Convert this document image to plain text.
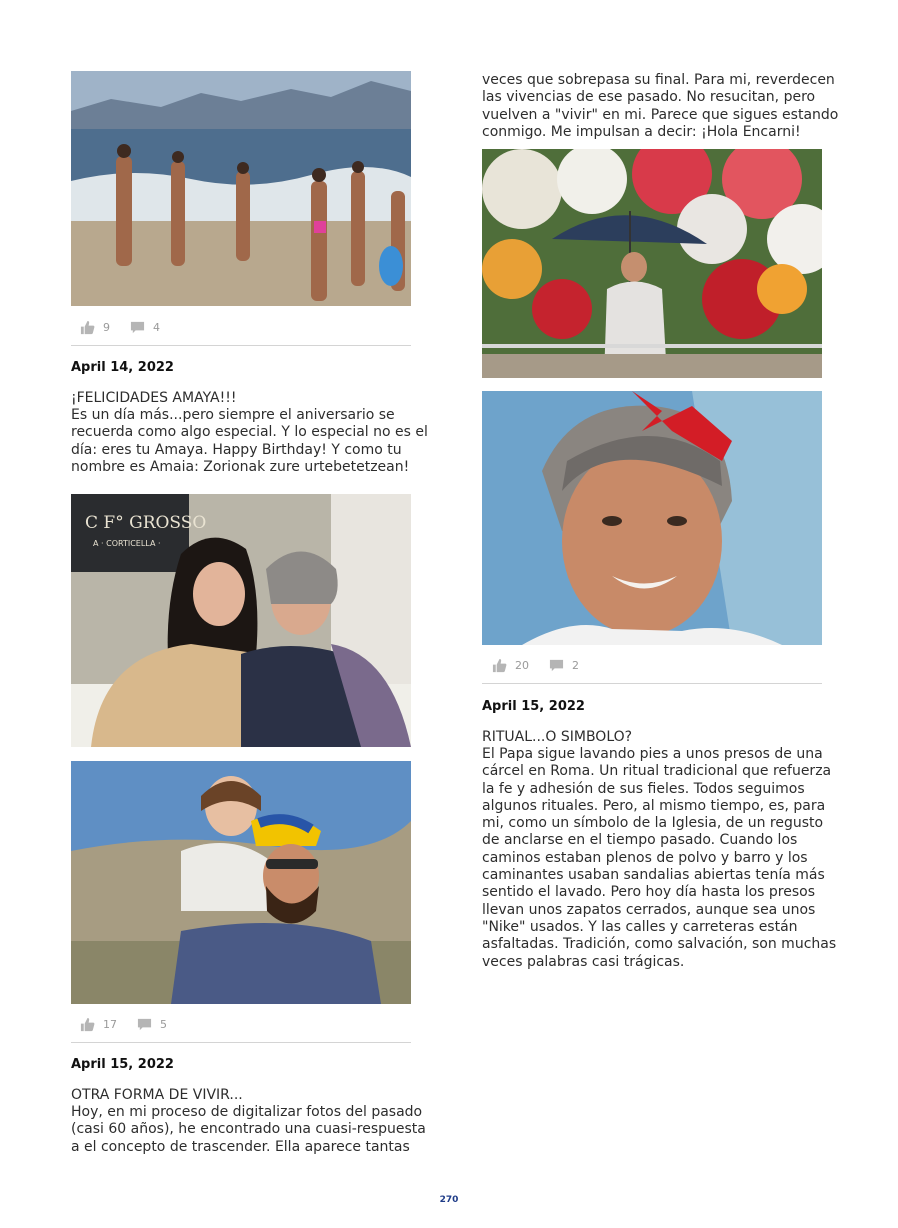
9	4
April 14, 2022

¡FELICIDADES AMAYA!!!

Es un día más...pero siempre el aniversario se
recuerda como algo especial. Y lo especial no es el
día: eres tu Amaya. Happy Birthday! Y como tu
nombre es Amaia: Zorionak zure urtebetetzean!

C F° GROSSO
A · CORTICELLA ·
17	5
April 15, 2022

OTRA FORMA DE VIVIR...

Hoy, en mi proceso de digitalizar fotos del pasado
(casi 60 años), he encontrado una cuasi-respuesta
a el concepto de trascender. Ella aparece tantas

veces que sobrepasa su final. Para mi, reverdecen
las vivencias de ese pasado. No resucitan, pero
vuelven a "vivir" en mi. Parece que sigues estando
conmigo. Me impulsan a decir: ¡Hola Encarni!

20	2
April 15, 2022

RITUAL...O SIMBOLO?

El Papa sigue lavando pies a unos presos de una
cárcel en Roma. Un ritual tradicional que refuerza
la fe y adhesión de sus fieles. Todos seguimos
algunos rituales. Pero, al mismo tiempo, es, para
mi, como un símbolo de la Iglesia, de un regusto
de anclarse en el tiempo pasado. Cuando los
caminos estaban plenos de polvo y barro y los
caminantes usaban sandalias abiertas tenía más
sentido el lavado. Pero hoy día hasta los presos
llevan unos zapatos cerrados, aunque sea unos
"Nike" usados. Y las calles y carreteras están
asfaltadas. Tradición, como salvación, son muchas
veces palabras casi trágicas.

270
